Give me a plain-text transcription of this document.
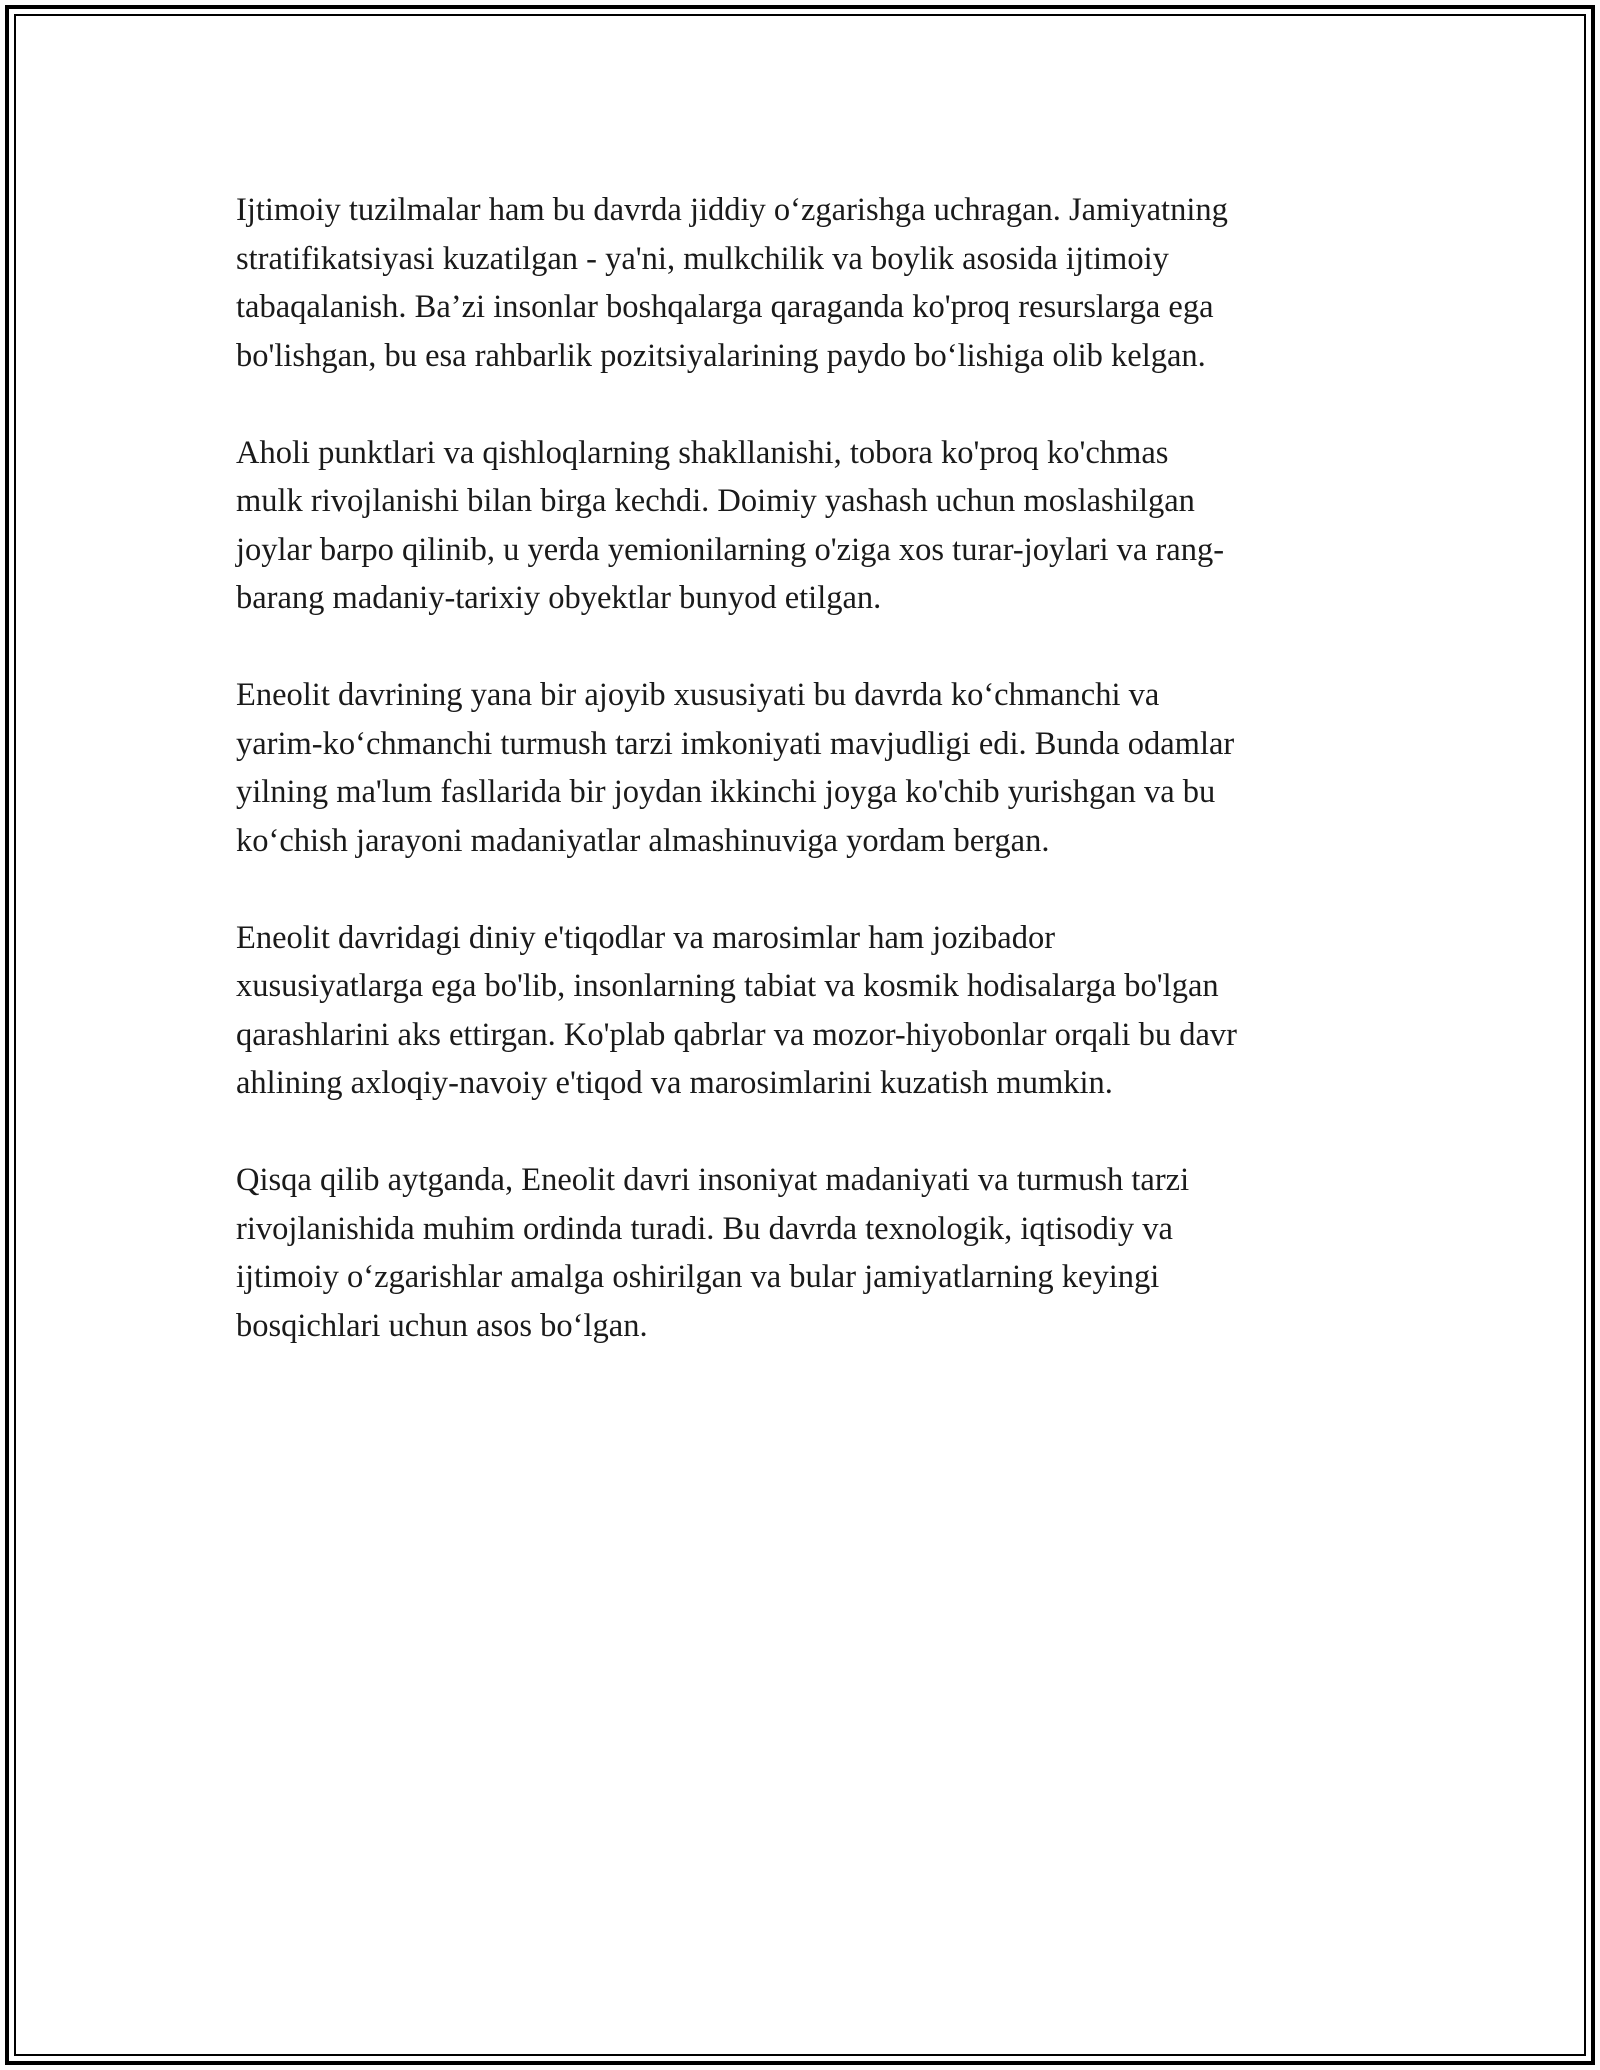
Ijtimoiy tuzilmalar ham bu davrda jiddiy o‘zgarishga uchragan. Jamiyatning
stratifikatsiyasi kuzatilgan - ya'ni, mulkchilik va boylik asosida ijtimoiy
tabaqalanish. Ba’zi insonlar boshqalarga qaraganda ko'proq resurslarga ega
bo'lishgan, bu esa rahbarlik pozitsiyalarining paydo bo‘lishiga olib kelgan.

Aholi punktlari va qishloqlarning shakllanishi, tobora ko'proq ko'chmas
mulk rivojlanishi bilan birga kechdi. Doimiy yashash uchun moslashilgan
joylar barpo qilinib, u yerda yemionilarning o'ziga xos turar-joylari va rang-
barang madaniy-tarixiy obyektlar bunyod etilgan.

Eneolit davrining yana bir ajoyib xususiyati bu davrda ko‘chmanchi va
yarim-ko‘chmanchi turmush tarzi imkoniyati mavjudligi edi. Bunda odamlar
yilning ma'lum fasllarida bir joydan ikkinchi joyga ko'chib yurishgan va bu
ko‘chish jarayoni madaniyatlar almashinuviga yordam bergan.

Eneolit davridagi diniy e'tiqodlar va marosimlar ham jozibador
xususiyatlarga ega bo'lib, insonlarning tabiat va kosmik hodisalarga bo'lgan
qarashlarini aks ettirgan. Ko'plab qabrlar va mozor-hiyobonlar orqali bu davr
ahlining axloqiy-navoiy e'tiqod va marosimlarini kuzatish mumkin.

Qisqa qilib aytganda, Eneolit davri insoniyat madaniyati va turmush tarzi
rivojlanishida muhim ordinda turadi. Bu davrda texnologik, iqtisodiy va
ijtimoiy o‘zgarishlar amalga oshirilgan va bular jamiyatlarning keyingi
bosqichlari uchun asos bo‘lgan.
